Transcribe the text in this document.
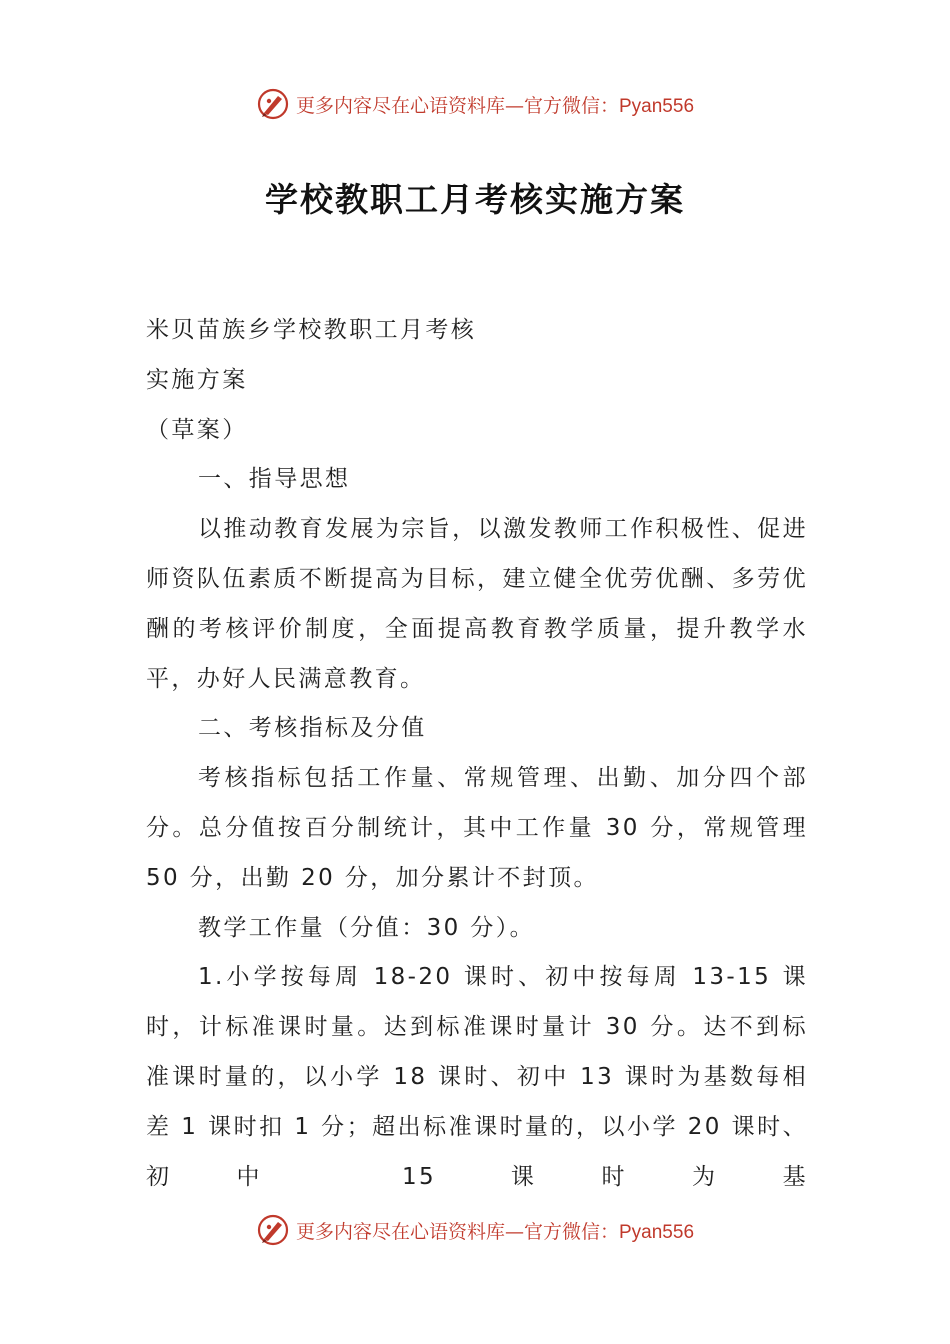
更多内容尽在心语资料库—官方微信：Pyan556
学校教职工月考核实施方案

米贝苗族乡学校教职工月考核

实施方案

（草案）

一、指导思想

以推动教育发展为宗旨，以激发教师工作积极性、促进师资队伍素质不断提高为目标，建立健全优劳优酬、多劳优酬的考核评价制度，全面提高教育教学质量，提升教学水平，办好人民满意教育。

二、考核指标及分值

考核指标包括工作量、常规管理、出勤、加分四个部分。总分值按百分制统计，其中工作量 30 分，常规管理 50 分，出勤 20 分，加分累计不封顶。

教学工作量（分值：30 分）。

1.小学按每周 18-20 课时、初中按每周 13-15 课时，计标准课时量。达到标准课时量计 30 分。达不到标准课时量的，以小学 18 课时、初中 13 课时为基数每相差 1 课时扣 1 分；超出标准课时量的，以小学 20 课时、初中 15 课时为基

更多内容尽在心语资料库—官方微信：Pyan556
